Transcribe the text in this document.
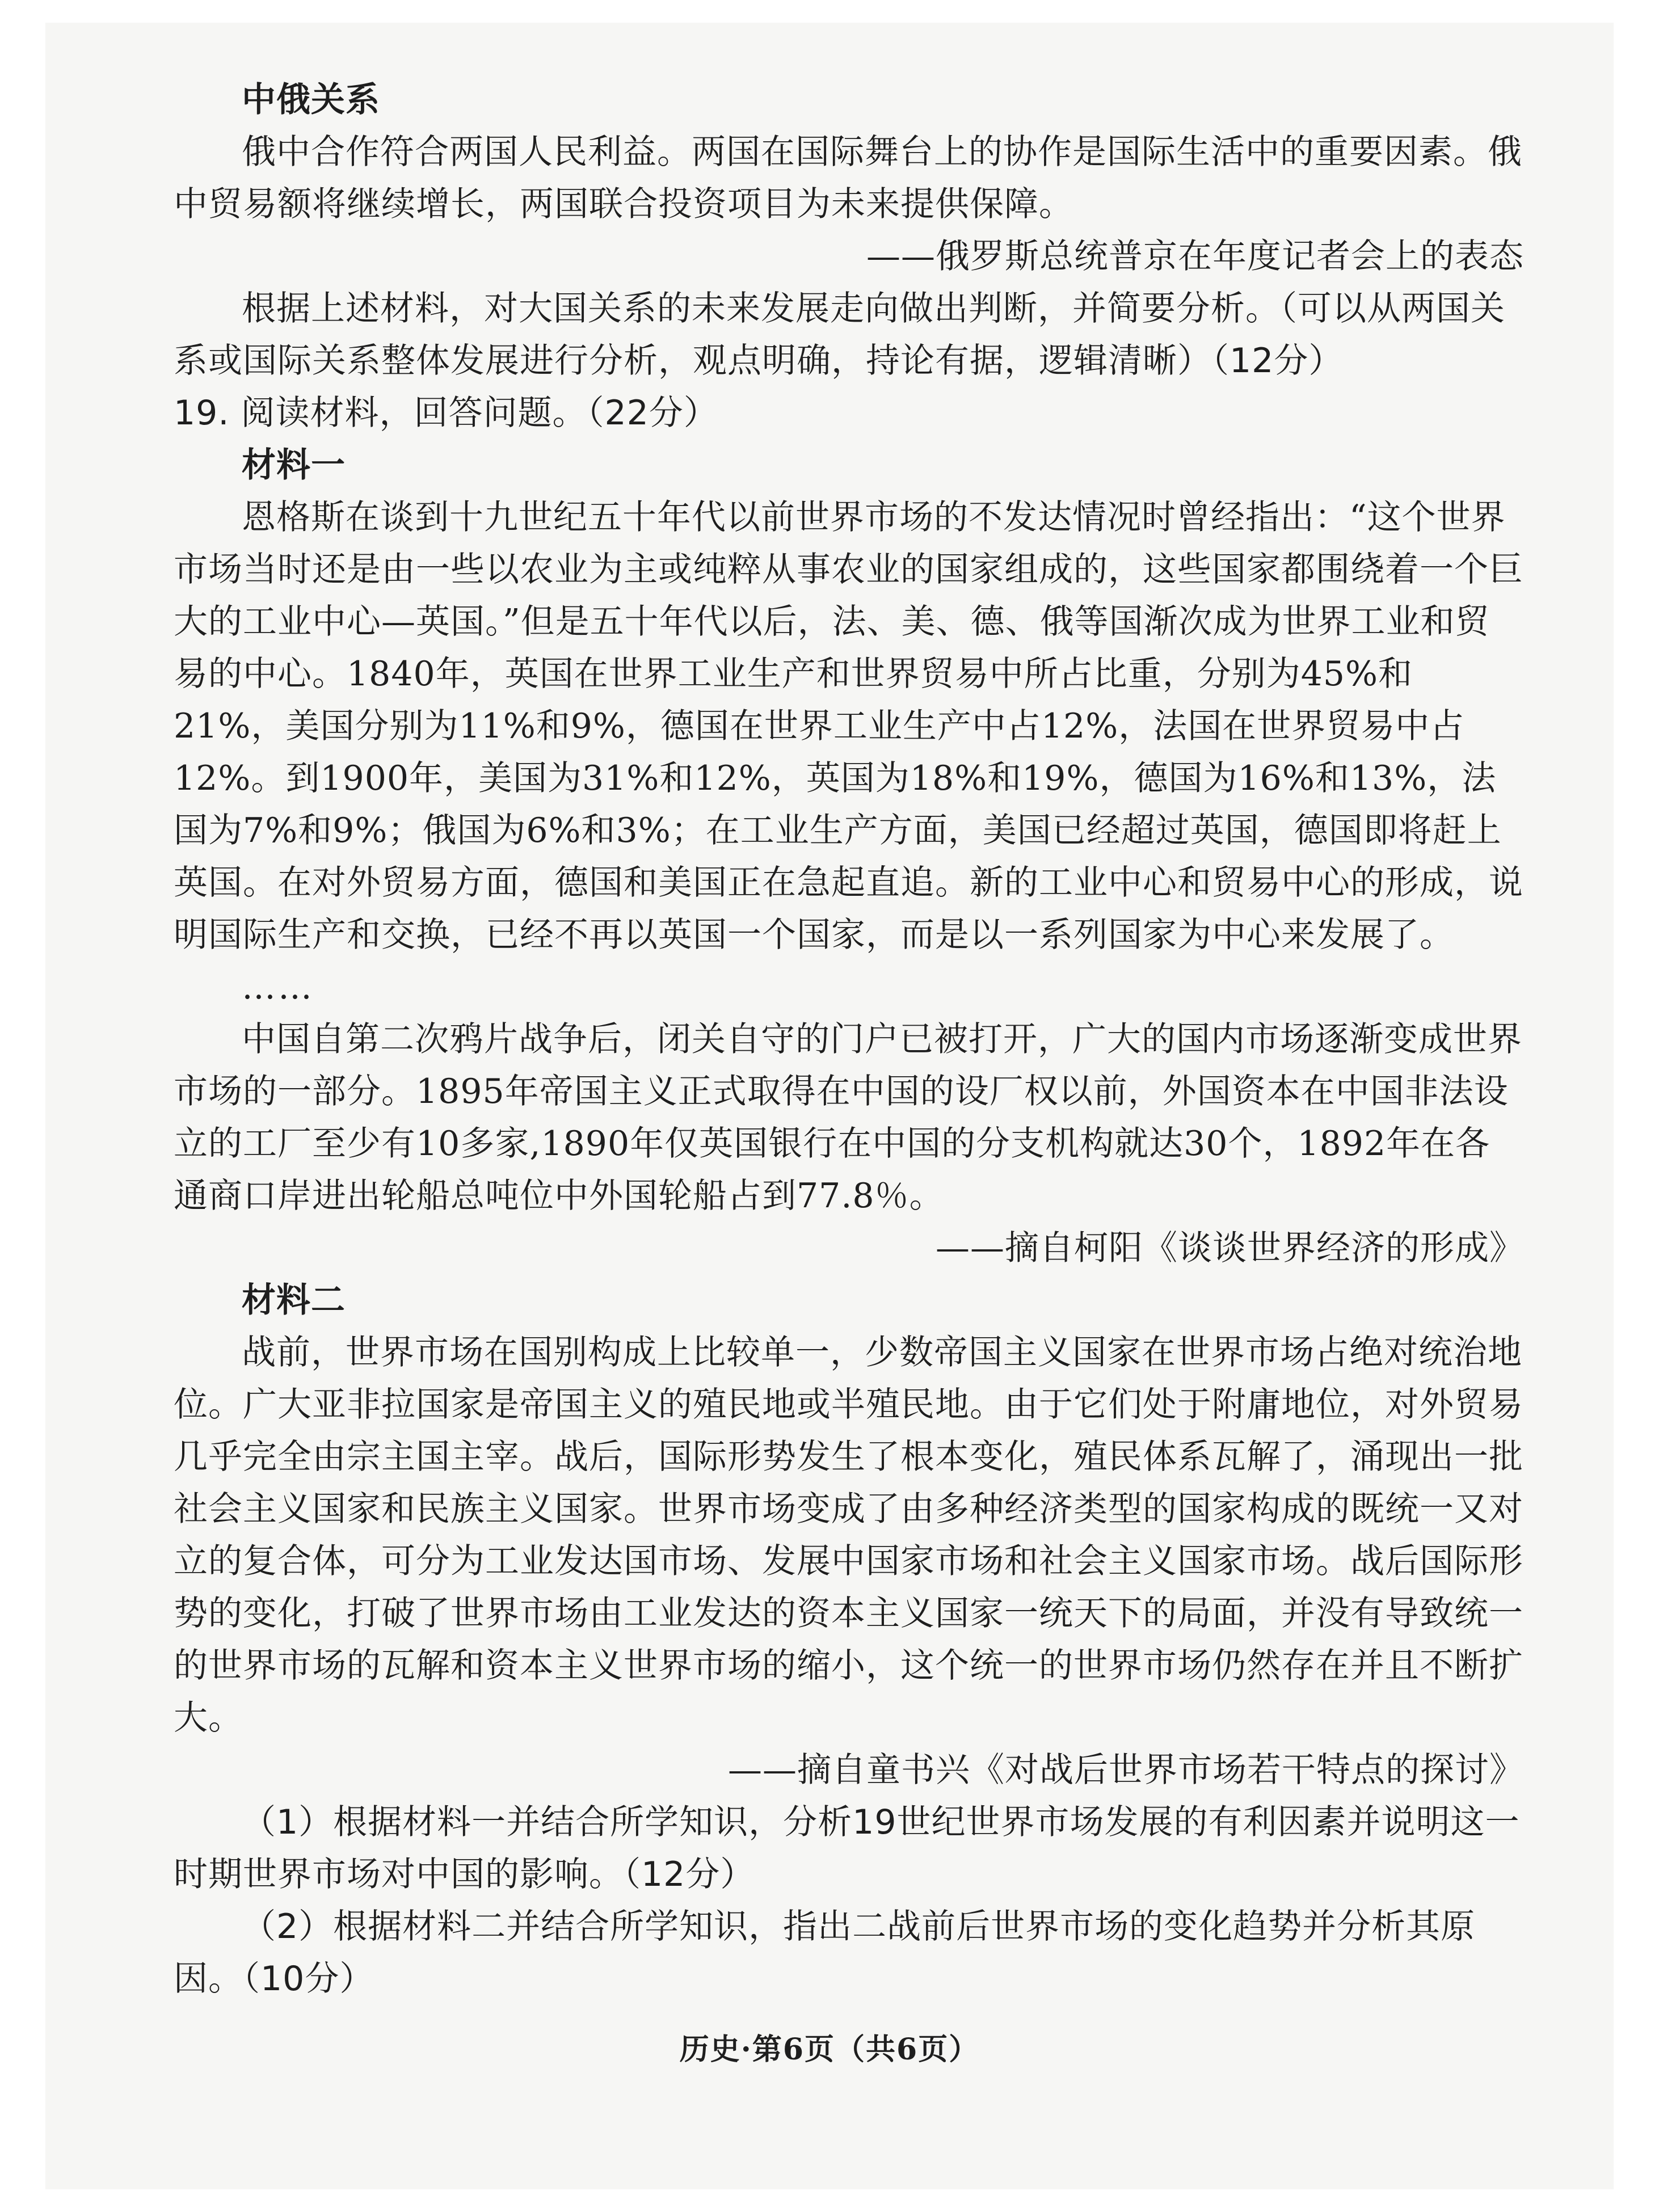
中俄关系

俄中合作符合两国人民利益。两国在国际舞台上的协作是国际生活中的重要因素。俄中贸易额将继续增长，两国联合投资项目为未来提供保障。

——俄罗斯总统普京在年度记者会上的表态

根据上述材料，对大国关系的未来发展走向做出判断，并简要分析。（可以从两国关系或国际关系整体发展进行分析，观点明确，持论有据，逻辑清晰）（12分）

19. 阅读材料，回答问题。（22分）

材料一

恩格斯在谈到十九世纪五十年代以前世界市场的不发达情况时曾经指出：“这个世界市场当时还是由一些以农业为主或纯粹从事农业的国家组成的，这些国家都围绕着一个巨大的工业中心—英国。”但是五十年代以后，法、美、德、俄等国渐次成为世界工业和贸易的中心。1840年，英国在世界工业生产和世界贸易中所占比重，分别为45%和21%，美国分别为11%和9%，德国在世界工业生产中占12%，法国在世界贸易中占12%。到1900年，美国为31%和12%，英国为18%和19%，德国为16%和13%，法国为7%和9%；俄国为6%和3%；在工业生产方面，美国已经超过英国，德国即将赶上英国。在对外贸易方面，德国和美国正在急起直追。新的工业中心和贸易中心的形成，说明国际生产和交换，已经不再以英国一个国家，而是以一系列国家为中心来发展了。

……

中国自第二次鸦片战争后，闭关自守的门户已被打开，广大的国内市场逐渐变成世界市场的一部分。1895年帝国主义正式取得在中国的设厂权以前，外国资本在中国非法设立的工厂至少有10多家,1890年仅英国银行在中国的分支机构就达30个，1892年在各通商口岸进出轮船总吨位中外国轮船占到77.8％。

——摘自柯阳《谈谈世界经济的形成》

材料二

战前，世界市场在国别构成上比较单一，少数帝国主义国家在世界市场占绝对统治地位。广大亚非拉国家是帝国主义的殖民地或半殖民地。由于它们处于附庸地位，对外贸易几乎完全由宗主国主宰。战后，国际形势发生了根本变化，殖民体系瓦解了，涌现出一批社会主义国家和民族主义国家。世界市场变成了由多种经济类型的国家构成的既统一又对立的复合体，可分为工业发达国市场、发展中国家市场和社会主义国家市场。战后国际形势的变化，打破了世界市场由工业发达的资本主义国家一统天下的局面，并没有导致统一的世界市场的瓦解和资本主义世界市场的缩小，这个统一的世界市场仍然存在并且不断扩大。

——摘自童书兴《对战后世界市场若干特点的探讨》

（1）根据材料一并结合所学知识，分析19世纪世界市场发展的有利因素并说明这一时期世界市场对中国的影响。（12分）

（2）根据材料二并结合所学知识，指出二战前后世界市场的变化趋势并分析其原因。（10分）

历史·第6页（共6页）
